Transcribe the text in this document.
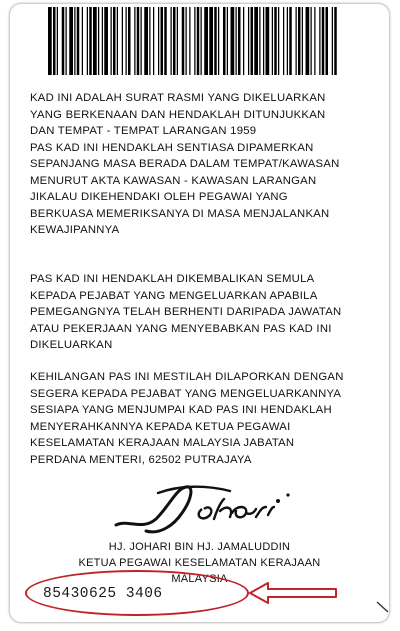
KAD INI ADALAH SURAT RASMI YANG DIKELUARKAN
YANG BERKENAAN DAN HENDAKLAH DITUNJUKKAN
DAN TEMPAT - TEMPAT LARANGAN 1959
PAS KAD INI HENDAKLAH SENTIASA DIPAMERKAN
SEPANJANG MASA BERADA DALAM TEMPAT/KAWASAN
MENURUT AKTA KAWASAN - KAWASAN LARANGAN
JIKALAU DIKEHENDAKI OLEH PEGAWAI YANG
BERKUASA MEMERIKSANYA DI MASA MENJALANKAN
KEWAJIPANNYA
PAS KAD INI HENDAKLAH DIKEMBALIKAN SEMULA
KEPADA PEJABAT YANG MENGELUARKAN APABILA
PEMEGANGNYA TELAH BERHENTI DARIPADA JAWATAN
ATAU PEKERJAAN YANG MENYEBABKAN PAS KAD INI
DIKELUARKAN
KEHILANGAN PAS INI MESTILAH DILAPORKAN DENGAN
SEGERA KEPADA PEJABAT YANG MENGELUARKANNYA
SESIAPA YANG MENJUMPAI KAD PAS INI HENDAKLAH
MENYERAHKANNYA KEPADA KETUA PEGAWAI
KESELAMATAN KERAJAAN MALAYSIA JABATAN
PERDANA MENTERI, 62502 PUTRAJAYA
HJ. JOHARI BIN HJ. JAMALUDDIN
KETUA PEGAWAI KESELAMATAN KERAJAAN
MALAYSIA
85430625 3406
